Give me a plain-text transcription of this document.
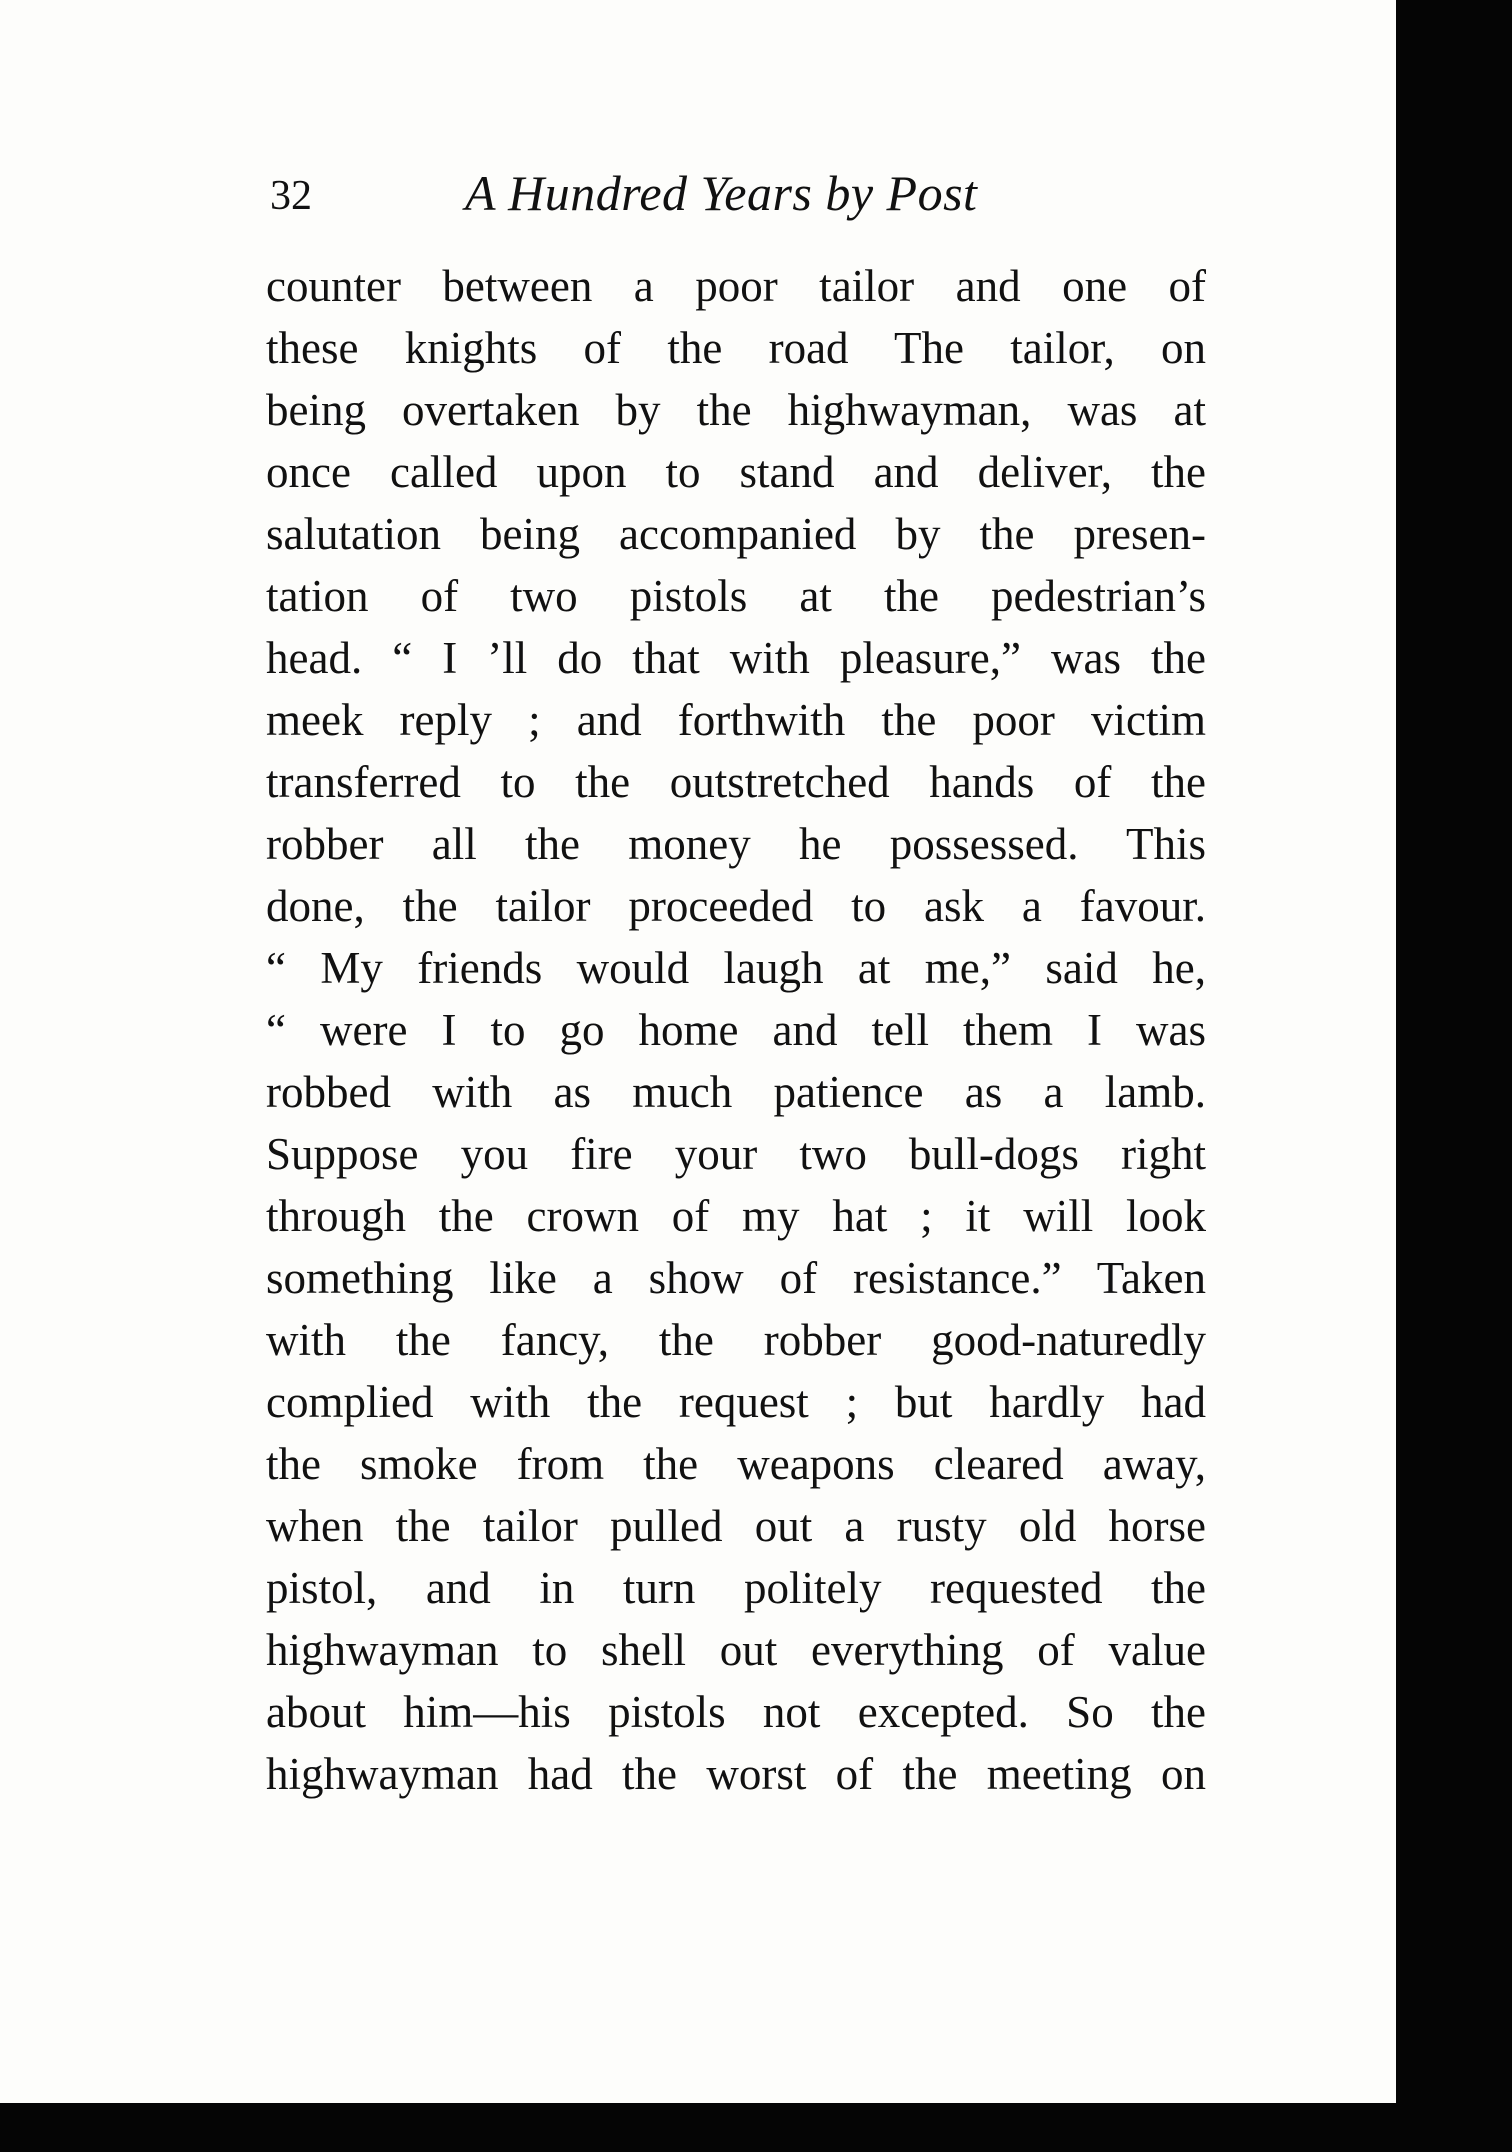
32	A Hundred Years by Post
counter between a poor tailor and one of
these knights of the road The tailor, on
being overtaken by the highwayman, was at
once called upon to stand and deliver, the
salutation being accompanied by the presen-
tation of two pistols at the pedestrian’s
head. “ I ’ll do that with pleasure,” was the
meek reply ; and forthwith the poor victim
transferred to the outstretched hands of the
robber all the money he possessed. This
done, the tailor proceeded to ask a favour.
“ My friends would laugh at me,” said he,
“ were I to go home and tell them I was
robbed with as much patience as a lamb.
Suppose you fire your two bull-dogs right
through the crown of my hat ; it will look
something like a show of resistance.” Taken
with the fancy, the robber good-naturedly
complied with the request ; but hardly had
the smoke from the weapons cleared away,
when the tailor pulled out a rusty old horse
pistol, and in turn politely requested the
highwayman to shell out everything of value
about him—his pistols not excepted. So the
highwayman had the worst of the meeting on
